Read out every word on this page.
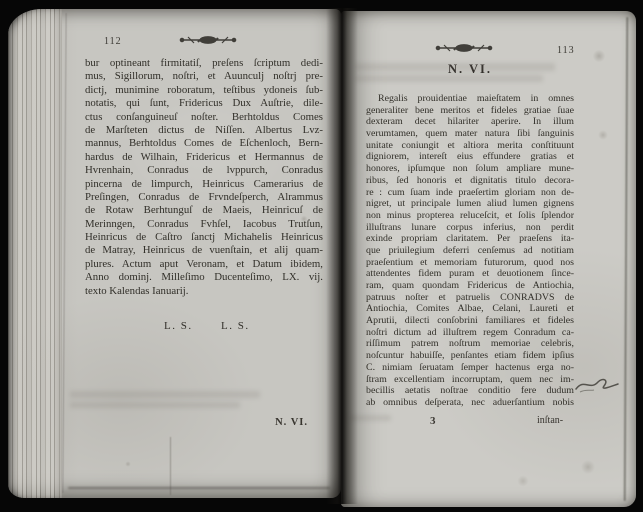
112
bur optineant firmitatiſ, preſens ſcriptum dedi-
mus, Sigillorum, noſtri, et Auunculj noſtrj pre-
dictj, munimine roboratum, teſtibus ydoneis ſub-
notatis, qui ſunt, Fridericus Dux Auſtrie, dile-
ctus conſanguineuſ noſter. Berhtoldus Comes
de Marſteten dictus de Niſſen. Albertus Lvz-
mannus, Berhtoldus Comes de Eſchenloch, Bern-
hardus de Wilhain, Fridericus et Hermannus de
Hvrenhain, Conradus de lvppurch, Conradus
pincerna de limpurch, Heinricus Camerarius de
Preſingen, Conradus de Frvndeſperch, Alrammus
de Rotaw Berhtunguſ de Maeis, Heinricuſ de
Merinngen, Conradus Fvhſel, Iacobus Trutſun,
Heinricus de Caſtro ſanctj Michahelis Heinricus
de Matray, Heinricus de vuenſtain, et alij quam-
plures. Actum aput Veronam, et Datum ibidem,
Anno dominj. Milleſimo Ducenteſimo, LX. vij.
texto Kalendas Ianuarij.
L. S.	L. S.
N. VI.
113
N. VI.
Regalis prouidentiae maieſtatem in omnes
generaliter bene meritos et fideles gratiae ſuae
dexteram decet hilariter aperire. In illum
verumtamen, quem mater natura ſibi ſanguinis
unitate coniungit et altiora merita conſtituunt
digniorem, intereſt eius effundere gratias et
honores, ipſumque non ſolum ampliare mune-
ribus, ſed honoris et dignitatis titulo decora-
re : cum ſuam inde praeſertim gloriam non de-
nigret, ut principale lumen aliud lumen gignens
non minus propterea reluceſcit, et ſolis ſplendor
illuſtrans lunare corpus inferius, non perdit
exinde propriam claritatem. Per praeſens ita-
que priuilegium deferri cenſemus ad notitiam
praeſentium et memoriam futurorum, quod nos
attendentes fidem puram et deuotionem ſince-
ram, quam quondam Fridericus de Antiochia,
patruus noſter et patruelis CONRADVS de
Antiochia, Comites Albae, Celani, Laureti et
Aprutii, dilecti conſobrini familiares et fideles
noſtri dictum ad illuſtrem regem Conradum ca-
riſſimum patrem noſtrum memoriae celebris,
noſcuntur habuiſſe, penſantes etiam fidem ipſius
C. nimiam ſeruatam ſemper hactenus erga no-
ſtram excellentiam incorruptam, quem nec im-
becillis aetatis noſtrae conditio fere dudum
ab omnibus deſperata, nec aduerſantium nobis
3	inſtan-
